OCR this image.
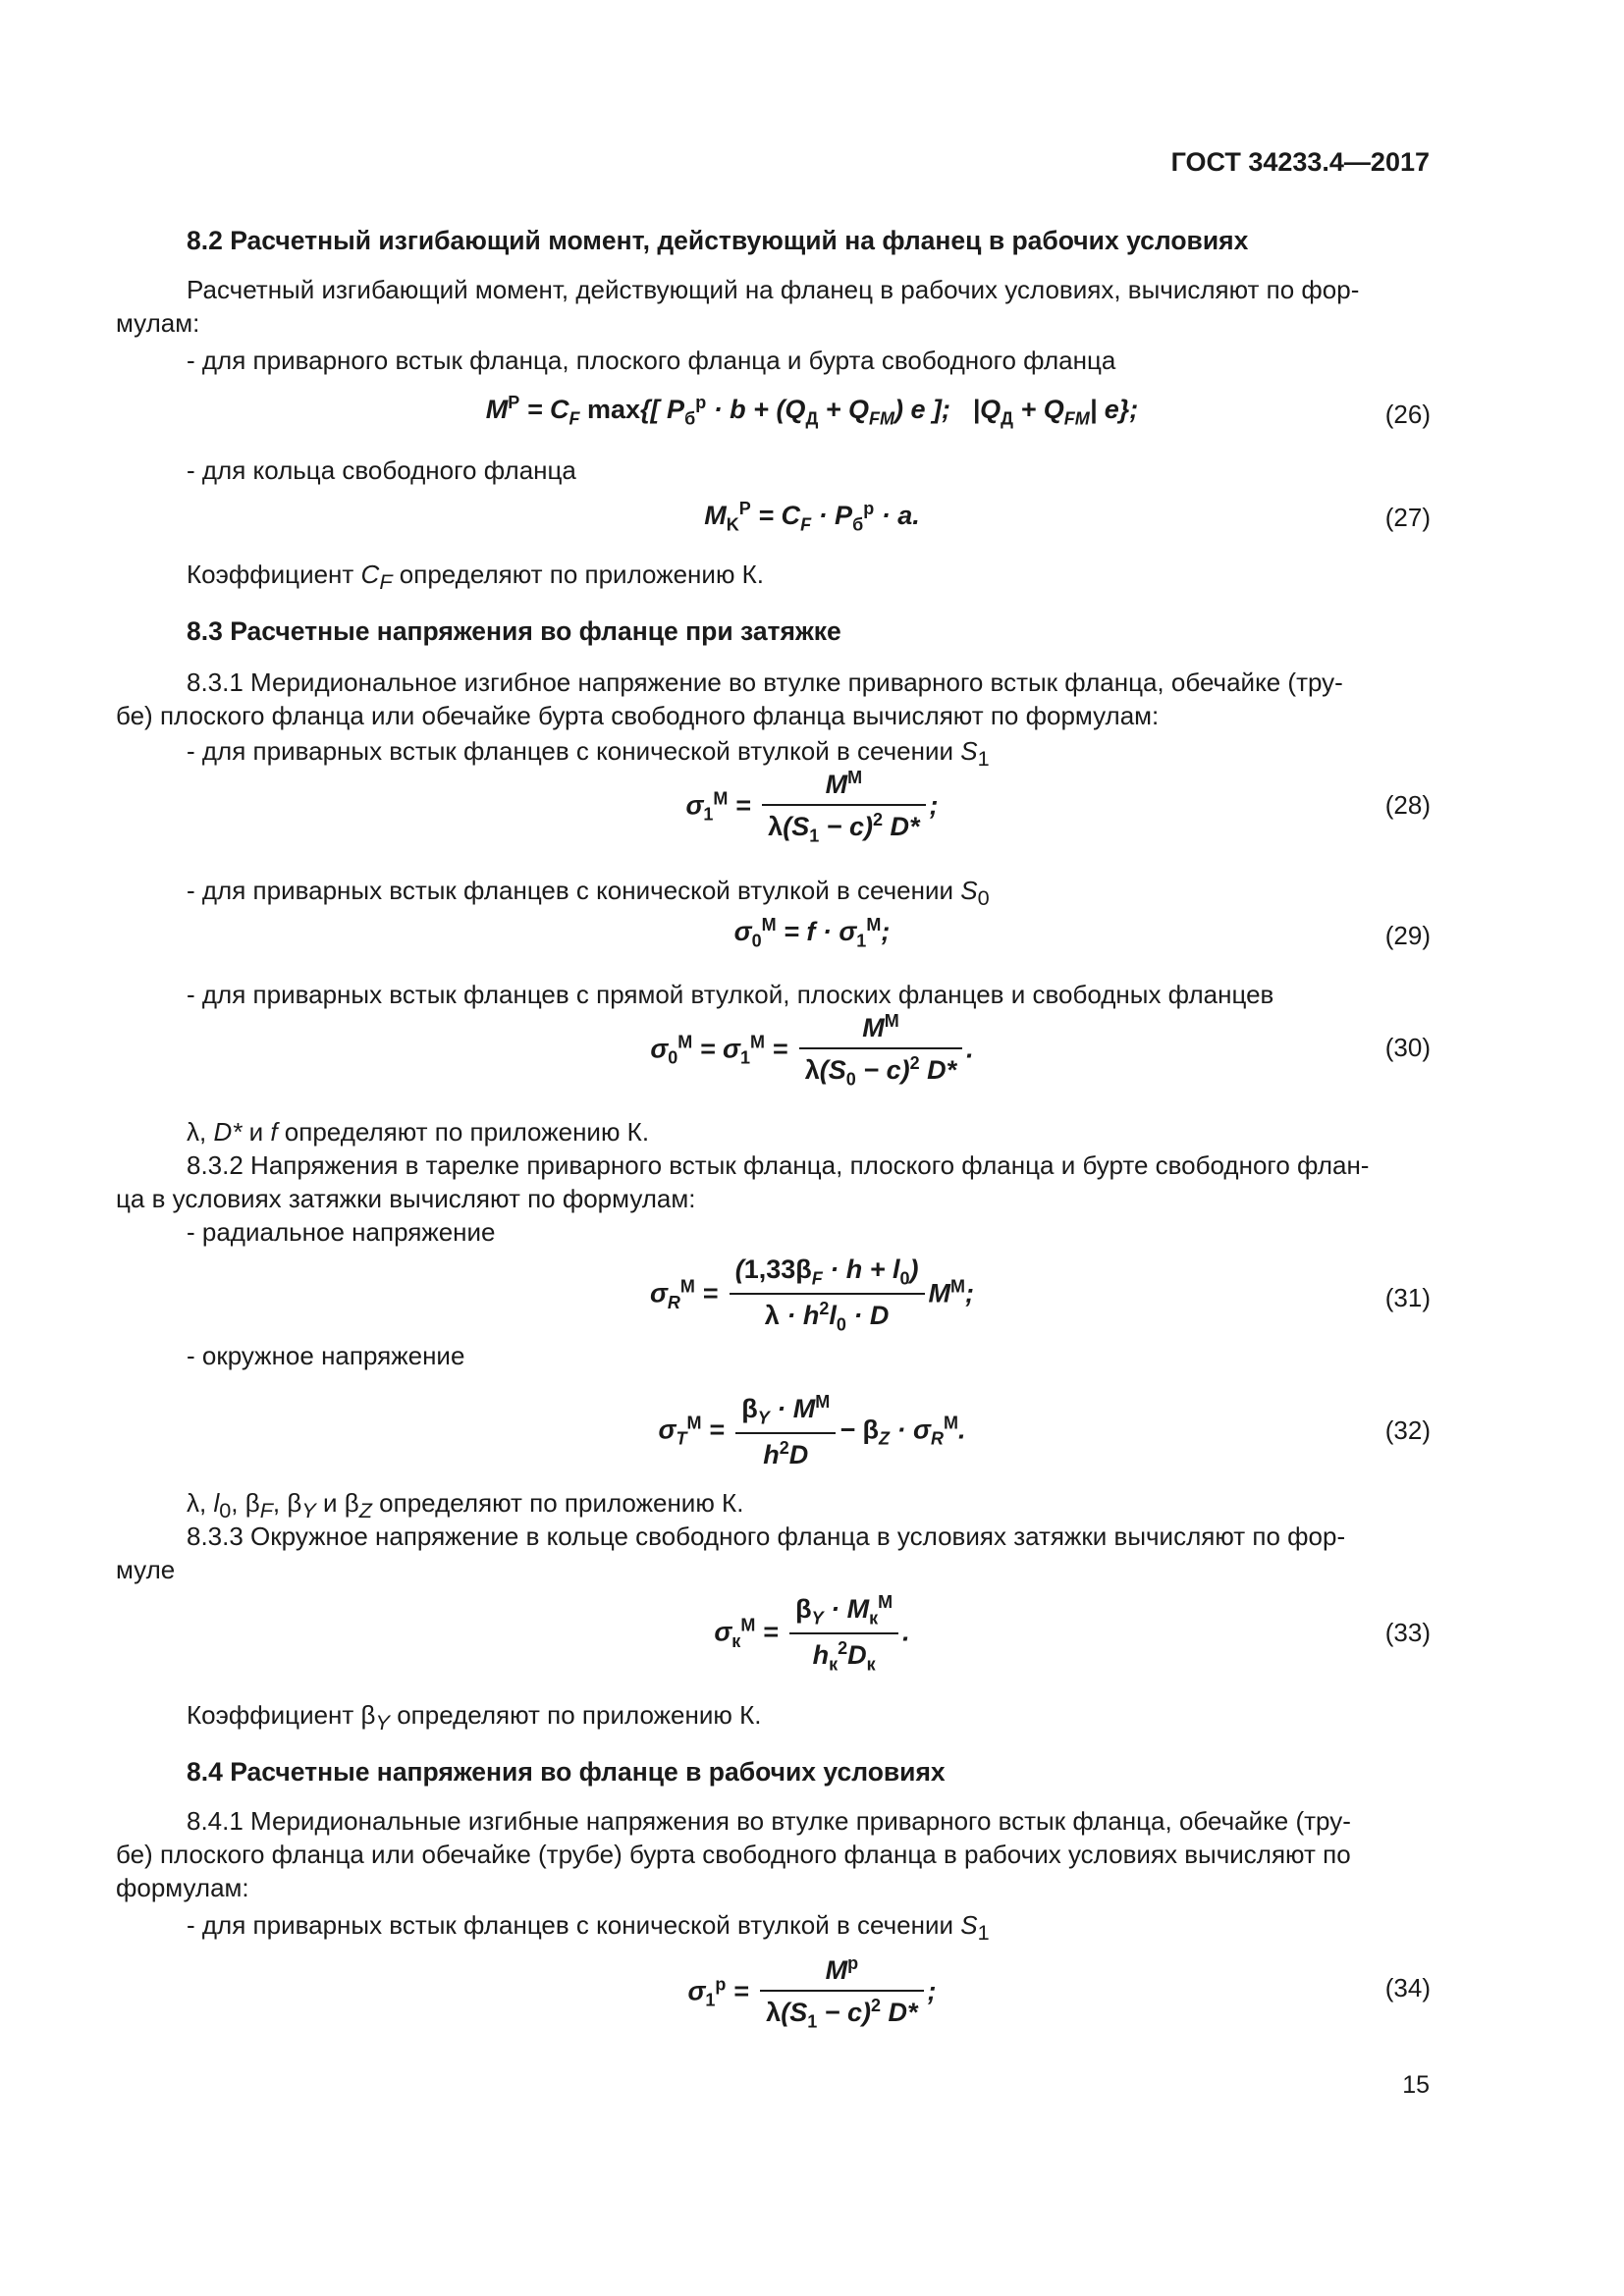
ГОСТ 34233.4—2017
8.2 Расчетный изгибающий момент, действующий на фланец в рабочих условиях
Расчетный изгибающий момент, действующий на фланец в рабочих условиях, вычисляют по фор-
мулам:
- для приварного встык фланца, плоского фланца и бурта свободного фланца
$M^P = C_F$ max{[ $P_б^p \cdot b + (Q_Д + Q_{FM})$ e ];   $|Q_Д + Q_{FM}|$ e};	(26)
- для кольца свободного фланца
$M_K^P = C_F \cdot P_б^p \cdot a$.	(27)
Коэффициент $C_F$ определяют по приложению К.
8.3 Расчетные напряжения во фланце при затяжке
8.3.1 Меридиональное изгибное напряжение во втулке приварного встык фланца, обечайке (тру-
бе) плоского фланца или обечайке бурта свободного фланца вычисляют по формулам:
- для приварных встык фланцев с конической втулкой в сечении $S_1$
$\sigma_1^M = \frac{M^M}{\lambda(S_1 - c)^2 D*}$ ;	(28)
- для приварных встык фланцев с конической втулкой в сечении $S_0$
$\sigma_0^M = f \cdot \sigma_1^M$;	(29)
- для приварных встык фланцев с прямой втулкой, плоских фланцев и свободных фланцев
$\sigma_0^M = \sigma_1^M = \frac{M^M}{\lambda(S_0 - c)^2 D*}$ .	(30)
λ, D* и f определяют по приложению К.
8.3.2 Напряжения в тарелке приварного встык фланца, плоского фланца и бурте свободного флан-
ца в условиях затяжки вычисляют по формулам:
- радиальное напряжение
$\sigma_R^M = \frac{(1,33\beta_F \cdot h + l_0)}{\lambda \cdot h^2l_0 \cdot D} M^M$;	(31)
- окружное напряжение
$\sigma_T^M = \frac{\beta_Y \cdot M^M}{h^2D} - \beta_Z \cdot \sigma_R^M$.	(32)
λ, $l_0$, $\beta_F$, $\beta_Y$ и $\beta_Z$ определяют по приложению К.
8.3.3 Окружное напряжение в кольце свободного фланца в условиях затяжки вычисляют по фор-
муле
$\sigma_к^M = \frac{\beta_Y \cdot M_к^M}{h_к^2D_к}$ .	(33)
Коэффициент $\beta_Y$ определяют по приложению К.
8.4 Расчетные напряжения во фланце в рабочих условиях
8.4.1 Меридиональные изгибные напряжения во втулке приварного встык фланца, обечайке (тру-
бе) плоского фланца или обечайке (трубе) бурта свободного фланца в рабочих условиях вычисляют по
формулам:
- для приварных встык фланцев с конической втулкой в сечении $S_1$
$\sigma_1^p = \frac{M^p}{\lambda(S_1 - c)^2 D*}$ ;	(34)
15
